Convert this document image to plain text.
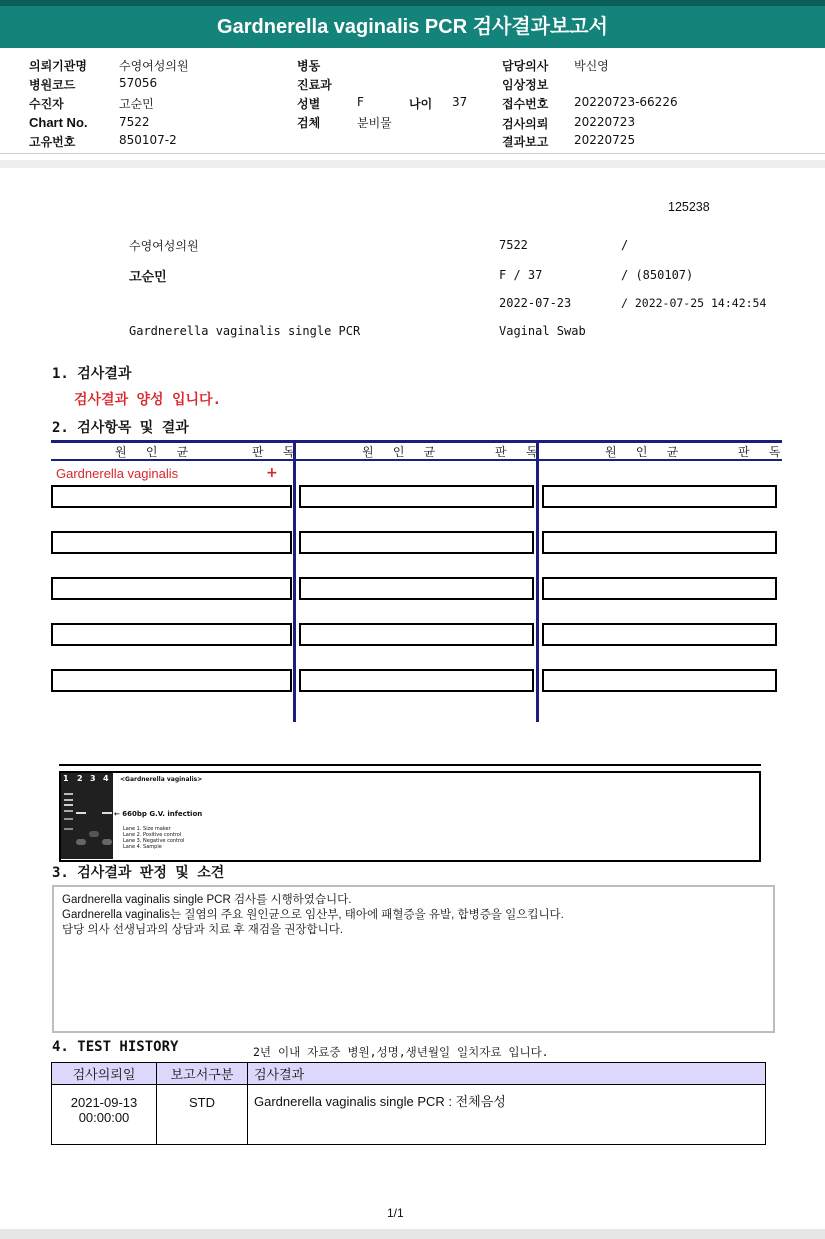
Gardnerella vaginalis PCR 검사결과보고서
의뢰기관명	수영여성의원
병원코드	57056
수진자	고순민
Chart No.	7522
고유번호	850107-2
병동
진료과
성별	F	나이 37
검체	분비물
담당의사 박신영
임상정보
접수번호 20220723-66226
검사의뢰 20220723
결과보고 20220725
125238
수영여성의원	7522	/
고순민	F / 37	/ (850107)
2022-07-23	/ 2022-07-25 14:42:54
Gardnerella vaginalis single PCR	Vaginal Swab
1. 검사결과
검사결과 양성 입니다.
2. 검사항목 및 결과
원 인 균	판 독	원 인 균	판 독	원 인 균	판 독
Gardnerella vaginalis	+
1 2 3 4 <Gardnerella vaginalis>
← 660bp G.V. infection
Lane 1. Size maker
Lane 2. Positive control
Lane 3. Negative control
Lane 4. Sample
3. 검사결과 판정 및 소견
Gardnerella vaginalis single PCR 검사를 시행하였습니다.
Gardnerella vaginalis는 질염의 주요 원인균으로 임산부, 태아에 패혈증을 유발, 합병증을 일으킵니다.
담당 의사 선생님과의 상담과 치료 후 재검을 권장합니다.
4. TEST HISTORY	2년 이내 자료중 병원,성명,생년월일 일치자료 입니다.
검사의뢰일	보고서구분	검사결과

2021-09-13
00:00:00	STD	Gardnerella vaginalis single PCR : 전체음성
1/1
